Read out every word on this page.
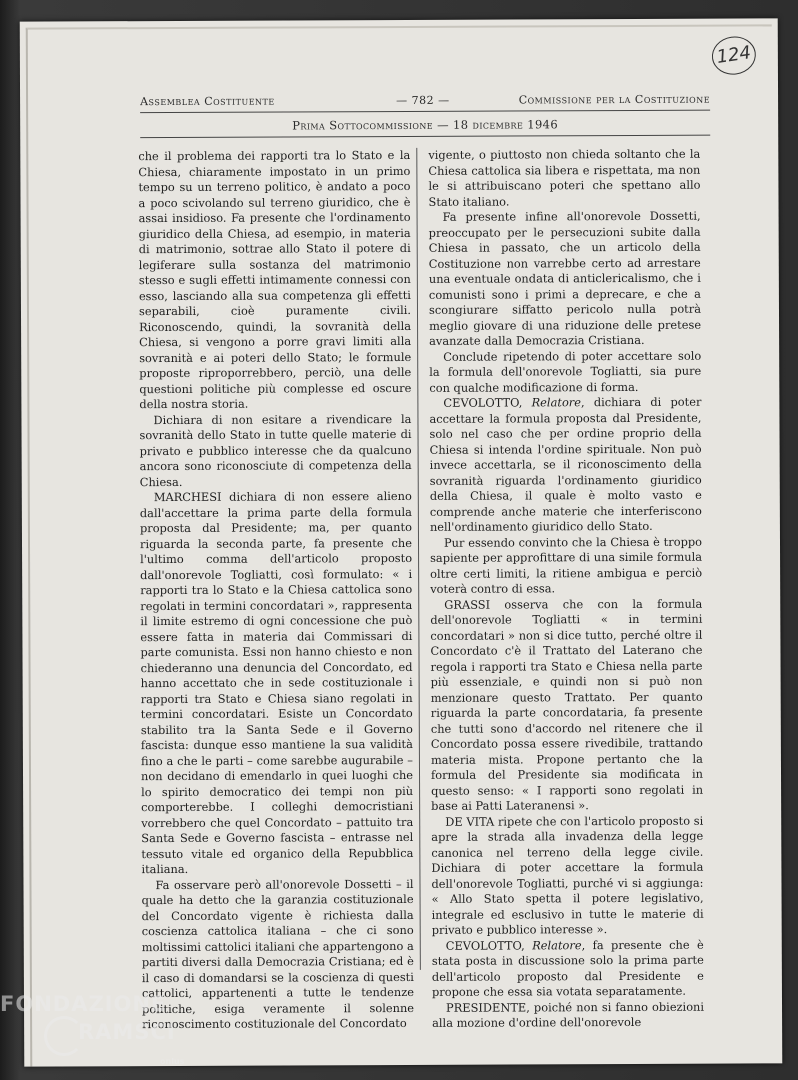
124
Assemblea Costituente	— 782 —	Commissione per la Costituzione
Prima Sottocommissione — 18 dicembre 1946

che il problema dei rapporti tra lo Stato e la Chiesa, chiaramente impostato in un primo tempo su un terreno politico, è andato a poco a poco scivolando sul terreno giuridico, che è assai insidioso. Fa presente che l'ordinamento giuridico della Chiesa, ad esempio, in materia di matrimonio, sottrae allo Stato il potere di legiferare sulla sostanza del matrimonio stesso e sugli effetti intimamente connessi con esso, lasciando alla sua competenza gli effetti separabili, cioè puramente civili. Riconoscendo, quindi, la sovranità della Chiesa, si vengono a porre gravi limiti alla sovranità e ai poteri dello Stato; le formule proposte riproporrebbero, perciò, una delle questioni politiche più complesse ed oscure della nostra storia.

Dichiara di non esitare a rivendicare la sovranità dello Stato in tutte quelle materie di privato e pubblico interesse che da qualcuno ancora sono riconosciute di competenza della Chiesa.

MARCHESI dichiara di non essere alieno dall'accettare la prima parte della formula proposta dal Presidente; ma, per quanto riguarda la seconda parte, fa presente che l'ultimo comma dell'articolo proposto dall'onorevole Togliatti, così formulato: « i rapporti tra lo Stato e la Chiesa cattolica sono regolati in termini concordatari », rappresenta il limite estremo di ogni concessione che può essere fatta in materia dai Commissari di parte comunista. Essi non hanno chiesto e non chiederanno una denuncia del Concordato, ed hanno accettato che in sede costituzionale i rapporti tra Stato e Chiesa siano regolati in termini concordatari. Esiste un Concordato stabilito tra la Santa Sede e il Governo fascista: dunque esso mantiene la sua validità fino a che le parti – come sarebbe augurabile – non decidano di emendarlo in quei luoghi che lo spirito democratico dei tempi non più comporterebbe. I colleghi democristiani vorrebbero che quel Concordato – pattuito tra Santa Sede e Governo fascista – entrasse nel tessuto vitale ed organico della Repubblica italiana.

Fa osservare però all'onorevole Dossetti – il quale ha detto che la garanzia costituzionale del Concordato vigente è richiesta dalla coscienza cattolica italiana – che ci sono moltissimi cattolici italiani che appartengono a partiti diversi dalla Democrazia Cristiana; ed è il caso di domandarsi se la coscienza di questi cattolici, appartenenti a tutte le tendenze politiche, esiga veramente il solenne riconoscimento costituzionale del Concordato

vigente, o piuttosto non chieda soltanto che la Chiesa cattolica sia libera e rispettata, ma non le si attribuiscano poteri che spettano allo Stato italiano.

Fa presente infine all'onorevole Dossetti, preoccupato per le persecuzioni subite dalla Chiesa in passato, che un articolo della Costituzione non varrebbe certo ad arrestare una eventuale ondata di anticlericalismo, che i comunisti sono i primi a deprecare, e che a scongiurare siffatto pericolo nulla potrà meglio giovare di una riduzione delle pretese avanzate dalla Democrazia Cristiana.

Conclude ripetendo di poter accettare solo la formula dell'onorevole Togliatti, sia pure con qualche modificazione di forma.

CEVOLOTTO, Relatore, dichiara di poter accettare la formula proposta dal Presidente, solo nel caso che per ordine proprio della Chiesa si intenda l'ordine spirituale. Non può invece accettarla, se il riconoscimento della sovranità riguarda l'ordinamento giuridico della Chiesa, il quale è molto vasto e comprende anche materie che interferiscono nell'ordinamento giuridico dello Stato.

Pur essendo convinto che la Chiesa è troppo sapiente per approfittare di una simile formula oltre certi limiti, la ritiene ambigua e perciò voterà contro di essa.

GRASSI osserva che con la formula dell'onorevole Togliatti « in termini concordatari » non si dice tutto, perché oltre il Concordato c'è il Trattato del Laterano che regola i rapporti tra Stato e Chiesa nella parte più essenziale, e quindi non si può non menzionare questo Trattato. Per quanto riguarda la parte concordataria, fa presente che tutti sono d'accordo nel ritenere che il Concordato possa essere rivedibile, trattando materia mista. Propone pertanto che la formula del Presidente sia modificata in questo senso: « I rapporti sono regolati in base ai Patti Lateranensi ».

DE VITA ripete che con l'articolo proposto si apre la strada alla invadenza della legge canonica nel terreno della legge civile. Dichiara di poter accettare la formula dell'onorevole Togliatti, purché vi si aggiunga: « Allo Stato spetta il potere legislativo, integrale ed esclusivo in tutte le materie di privato e pubblico interesse ».

CEVOLOTTO, Relatore, fa presente che è stata posta in discussione solo la prima parte dell'articolo proposto dal Presidente e propone che essa sia votata separatamente.

PRESIDENTE, poiché non si fanno obiezioni alla mozione d'ordine dell'onorevole

FONDAZIONE
RAMSCI
onlus
